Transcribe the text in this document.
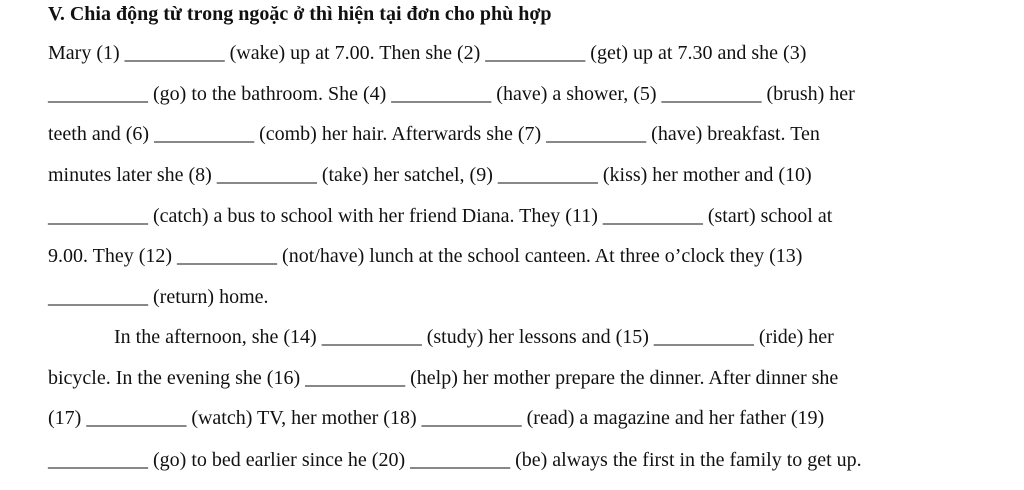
V. Chia động từ trong ngoặc ở thì hiện tại đơn cho phù hợp
Mary (1) __________ (wake) up at 7.00. Then she (2) __________ (get) up at 7.30 and she (3)
__________ (go) to the bathroom. She (4) __________ (have) a shower, (5) __________ (brush) her
teeth and (6) __________ (comb) her hair. Afterwards she (7) __________ (have) breakfast. Ten
minutes later she (8) __________ (take) her satchel, (9) __________ (kiss) her mother and (10)
__________ (catch) a bus to school with her friend Diana. They (11) __________ (start) school at
9.00. They (12) __________ (not/have) lunch at the school canteen. At three o’clock they (13)
__________ (return) home.
In the afternoon, she (14) __________ (study) her lessons and (15) __________ (ride) her
bicycle. In the evening she (16) __________ (help) her mother prepare the dinner. After dinner she
(17) __________ (watch) TV, her mother (18) __________ (read) a magazine and her father (19)
__________ (go) to bed earlier since he (20) __________ (be) always the first in the family to get up.
